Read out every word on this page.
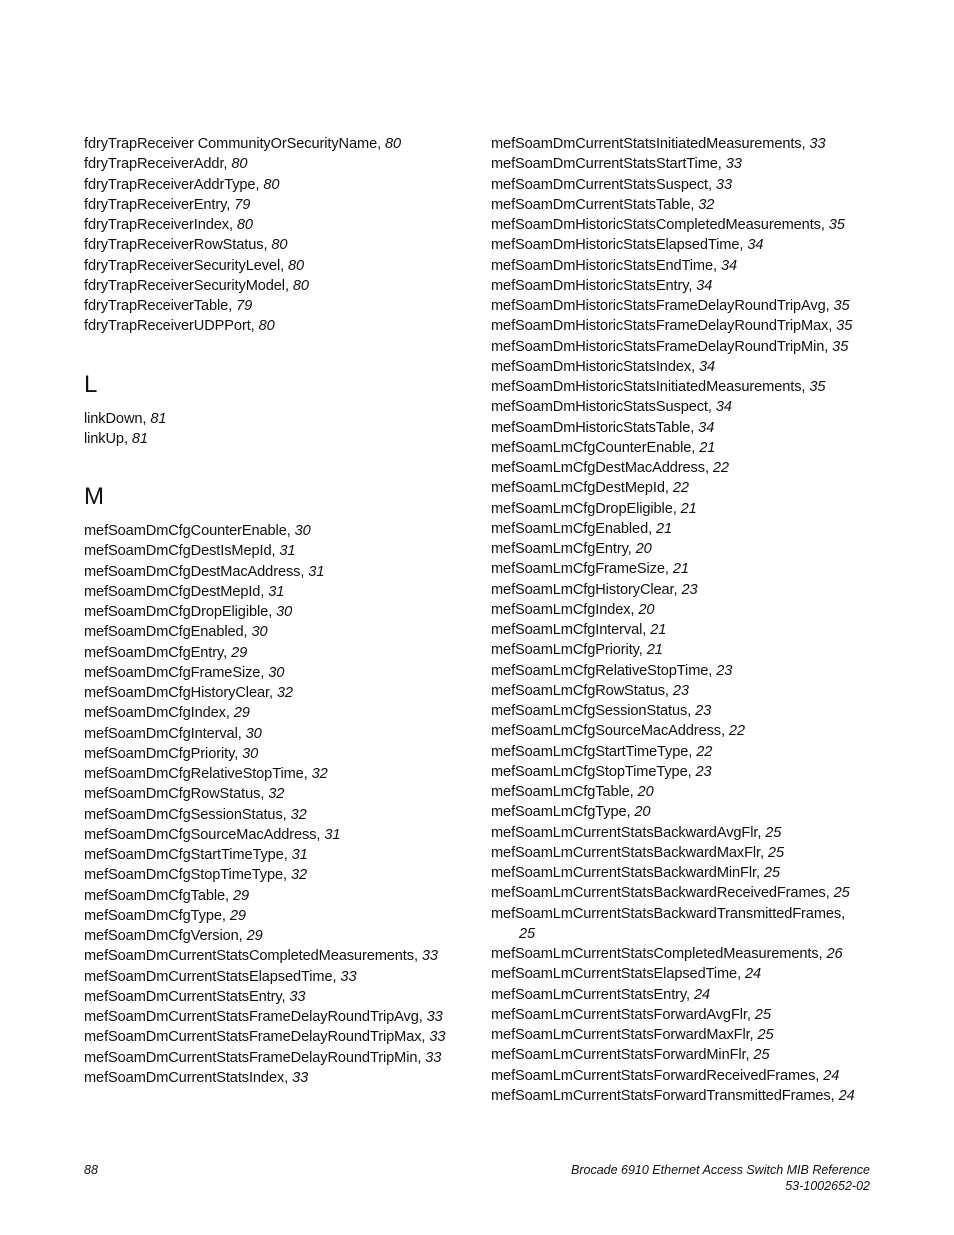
fdryTrapReceiver CommunityOrSecurityName, 80
fdryTrapReceiverAddr, 80
fdryTrapReceiverAddrType, 80
fdryTrapReceiverEntry, 79
fdryTrapReceiverIndex, 80
fdryTrapReceiverRowStatus, 80
fdryTrapReceiverSecurityLevel, 80
fdryTrapReceiverSecurityModel, 80
fdryTrapReceiverTable, 79
fdryTrapReceiverUDPPort, 80
L
linkDown, 81
linkUp, 81
M
mefSoamDmCfgCounterEnable, 30
mefSoamDmCfgDestIsMepId, 31
mefSoamDmCfgDestMacAddress, 31
mefSoamDmCfgDestMepId, 31
mefSoamDmCfgDropEligible, 30
mefSoamDmCfgEnabled, 30
mefSoamDmCfgEntry, 29
mefSoamDmCfgFrameSize, 30
mefSoamDmCfgHistoryClear, 32
mefSoamDmCfgIndex, 29
mefSoamDmCfgInterval, 30
mefSoamDmCfgPriority, 30
mefSoamDmCfgRelativeStopTime, 32
mefSoamDmCfgRowStatus, 32
mefSoamDmCfgSessionStatus, 32
mefSoamDmCfgSourceMacAddress, 31
mefSoamDmCfgStartTimeType, 31
mefSoamDmCfgStopTimeType, 32
mefSoamDmCfgTable, 29
mefSoamDmCfgType, 29
mefSoamDmCfgVersion, 29
mefSoamDmCurrentStatsCompletedMeasurements, 33
mefSoamDmCurrentStatsElapsedTime, 33
mefSoamDmCurrentStatsEntry, 33
mefSoamDmCurrentStatsFrameDelayRoundTripAvg, 33
mefSoamDmCurrentStatsFrameDelayRoundTripMax, 33
mefSoamDmCurrentStatsFrameDelayRoundTripMin, 33
mefSoamDmCurrentStatsIndex, 33
mefSoamDmCurrentStatsInitiatedMeasurements, 33
mefSoamDmCurrentStatsStartTime, 33
mefSoamDmCurrentStatsSuspect, 33
mefSoamDmCurrentStatsTable, 32
mefSoamDmHistoricStatsCompletedMeasurements, 35
mefSoamDmHistoricStatsElapsedTime, 34
mefSoamDmHistoricStatsEndTime, 34
mefSoamDmHistoricStatsEntry, 34
mefSoamDmHistoricStatsFrameDelayRoundTripAvg, 35
mefSoamDmHistoricStatsFrameDelayRoundTripMax, 35
mefSoamDmHistoricStatsFrameDelayRoundTripMin, 35
mefSoamDmHistoricStatsIndex, 34
mefSoamDmHistoricStatsInitiatedMeasurements, 35
mefSoamDmHistoricStatsSuspect, 34
mefSoamDmHistoricStatsTable, 34
mefSoamLmCfgCounterEnable, 21
mefSoamLmCfgDestMacAddress, 22
mefSoamLmCfgDestMepId, 22
mefSoamLmCfgDropEligible, 21
mefSoamLmCfgEnabled, 21
mefSoamLmCfgEntry, 20
mefSoamLmCfgFrameSize, 21
mefSoamLmCfgHistoryClear, 23
mefSoamLmCfgIndex, 20
mefSoamLmCfgInterval, 21
mefSoamLmCfgPriority, 21
mefSoamLmCfgRelativeStopTime, 23
mefSoamLmCfgRowStatus, 23
mefSoamLmCfgSessionStatus, 23
mefSoamLmCfgSourceMacAddress, 22
mefSoamLmCfgStartTimeType, 22
mefSoamLmCfgStopTimeType, 23
mefSoamLmCfgTable, 20
mefSoamLmCfgType, 20
mefSoamLmCurrentStatsBackwardAvgFlr, 25
mefSoamLmCurrentStatsBackwardMaxFlr, 25
mefSoamLmCurrentStatsBackwardMinFlr, 25
mefSoamLmCurrentStatsBackwardReceivedFrames, 25
mefSoamLmCurrentStatsBackwardTransmittedFrames,
25
mefSoamLmCurrentStatsCompletedMeasurements, 26
mefSoamLmCurrentStatsElapsedTime, 24
mefSoamLmCurrentStatsEntry, 24
mefSoamLmCurrentStatsForwardAvgFlr, 25
mefSoamLmCurrentStatsForwardMaxFlr, 25
mefSoamLmCurrentStatsForwardMinFlr, 25
mefSoamLmCurrentStatsForwardReceivedFrames, 24
mefSoamLmCurrentStatsForwardTransmittedFrames, 24
88	Brocade 6910 Ethernet Access Switch MIB Reference
53-1002652-02
